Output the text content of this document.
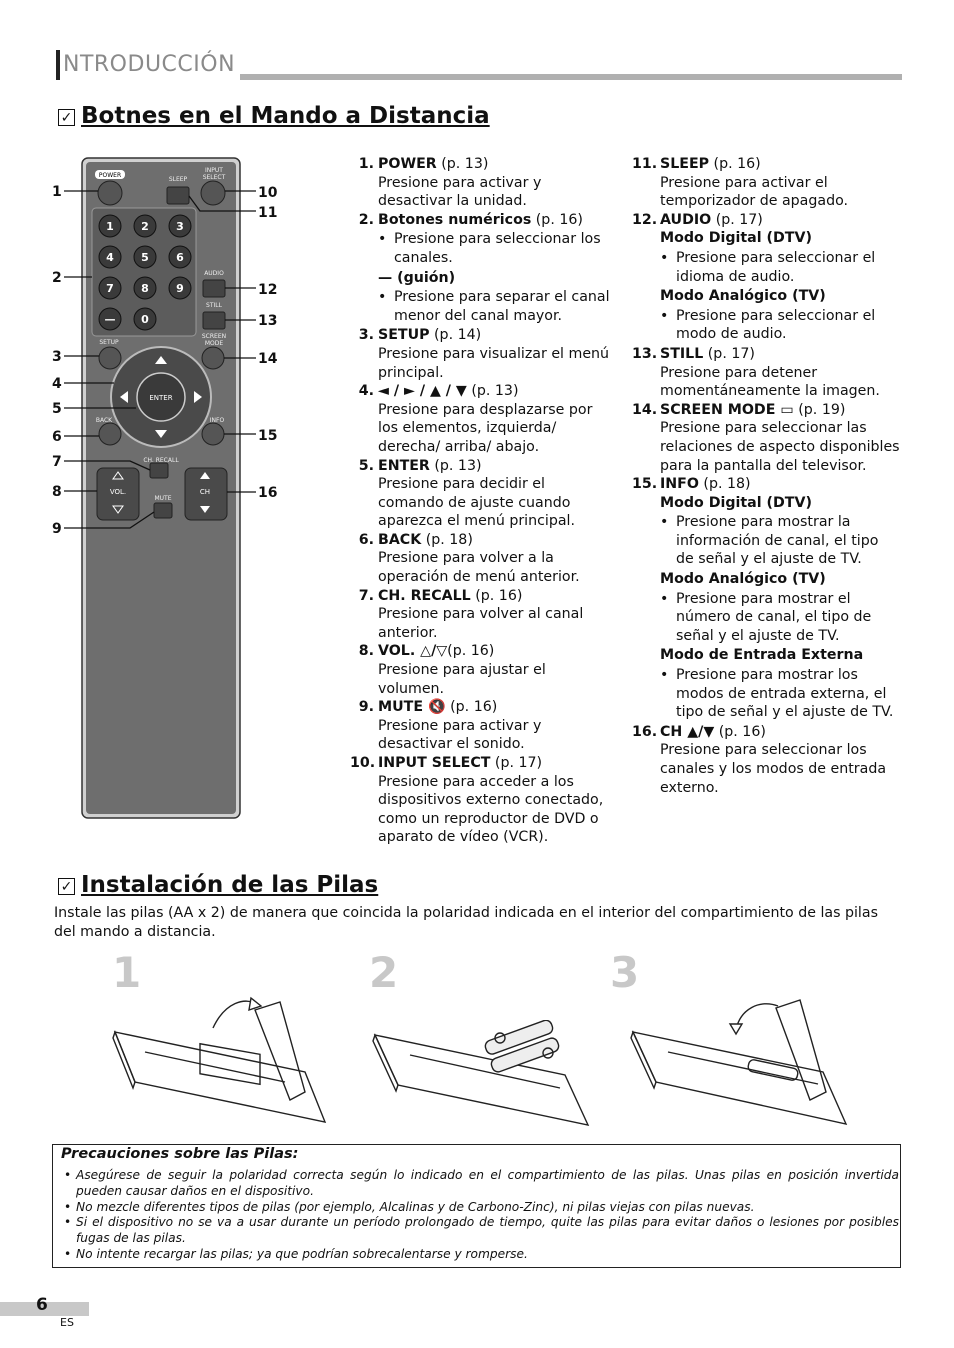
NTRODUCCIÓN
✓ Botnes en el Mando a Distancia
POWER
SLEEP
INPUT
SELECT
1 2 3
4 5 6
7 8 9
— 0
AUDIO
STILL
SETUP
SCREEN
MODE
ENTER
BACK	INFO
CH. RECALL
VOL.	CH
MUTE
1
2
3
4
5
6
7
8
9
10
11
12
13
14
15
16
1. POWER (p. 13)
Presione para activar y desactivar la unidad.
2. Botones numéricos (p. 16)
• Presione para seleccionar los canales.
— (guión)
• Presione para separar el canal menor del canal mayor.
3. SETUP (p. 14)
Presione para visualizar el menú principal.
4. ◄ / ► / ▲ / ▼ (p. 13)
Presione para desplazarse por los elementos, izquierda/ derecha/ arriba/ abajo.
5. ENTER (p. 13)
Presione para decidir el comando de ajuste cuando aparezca el menú principal.
6. BACK (p. 18)
Presione para volver a la operación de menú anterior.
7. CH. RECALL (p. 16)
Presione para volver al canal anterior.
8. VOL. △/▽(p. 16)
Presione para ajustar el volumen.
9. MUTE 🔇 (p. 16)
Presione para activar y desactivar el sonido.
10. INPUT SELECT (p. 17)
Presione para acceder a los dispositivos externo conectado, como un reproductor de DVD o aparato de vídeo (VCR).
11. SLEEP (p. 16)
Presione para activar el temporizador de apagado.
12. AUDIO (p. 17)
Modo Digital (DTV)
• Presione para seleccionar el idioma de audio.
Modo Analógico (TV)
• Presione para seleccionar el modo de audio.
13. STILL (p. 17)
Presione para detener momentáneamente la imagen.
14. SCREEN MODE ▭ (p. 19)
Presione para seleccionar las relaciones de aspecto disponibles para la pantalla del televisor.
15. INFO (p. 18)
Modo Digital (DTV)
• Presione para mostrar la información de canal, el tipo de señal y el ajuste de TV.
Modo Analógico (TV)
• Presione para mostrar el número de canal, el tipo de señal y el ajuste de TV.
Modo de Entrada Externa
• Presione para mostrar los modos de entrada externa, el tipo de señal y el ajuste de TV.
16. CH ▲/▼ (p. 16)
Presione para seleccionar los canales y los modos de entrada externo.
✓ Instalación de las Pilas
Instale las pilas (AA x 2) de manera que coincida la polaridad indicada en el interior del compartimiento de las pilas del mando a distancia.
1	2	3
Precauciones sobre las Pilas:
• Asegúrese de seguir la polaridad correcta según lo indicado en el compartimiento de las pilas. Unas pilas en posición invertida pueden causar daños en el dispositivo.
• No mezcle diferentes tipos de pilas (por ejemplo, Alcalinas y de Carbono-Zinc), ni pilas viejas con pilas nuevas.
• Si el dispositivo no se va a usar durante un período prolongado de tiempo, quite las pilas para evitar daños o lesiones por posibles fugas de las pilas.
• No intente recargar las pilas; ya que podrían sobrecalentarse y romperse.
6
ES
